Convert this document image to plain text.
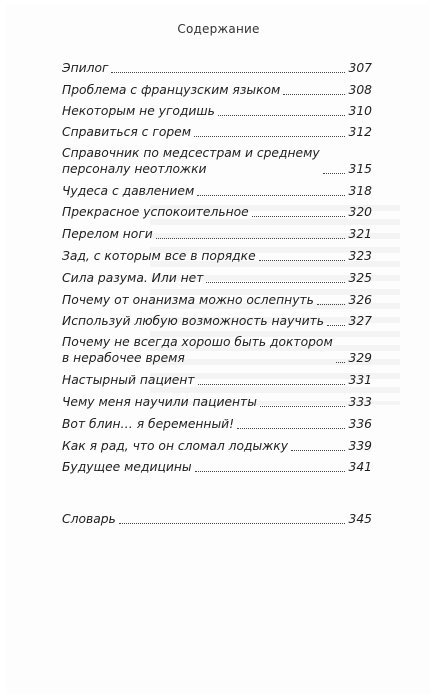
Содержание
Эпилог	307
Проблема с французским языком	308
Некоторым не угодишь	310
Справиться с горем	312
Справочник по медсестрам и среднему
персоналу неотложки	315
Чудеса с давлением	318
Прекрасное успокоительное	320
Перелом ноги	321
Зад, с которым все в порядке	323
Сила разума. Или нет	325
Почему от онанизма можно ослепнуть	326
Используй любую возможность научить 327
Почему не всегда хорошо быть доктором
в нерабочее время	329
Настырный пациент	331
Чему меня научили пациенты	333
Вот блин… я беременный!	336
Как я рад, что он сломал лодыжку	339
Будущее медицины	341
Словарь	345
